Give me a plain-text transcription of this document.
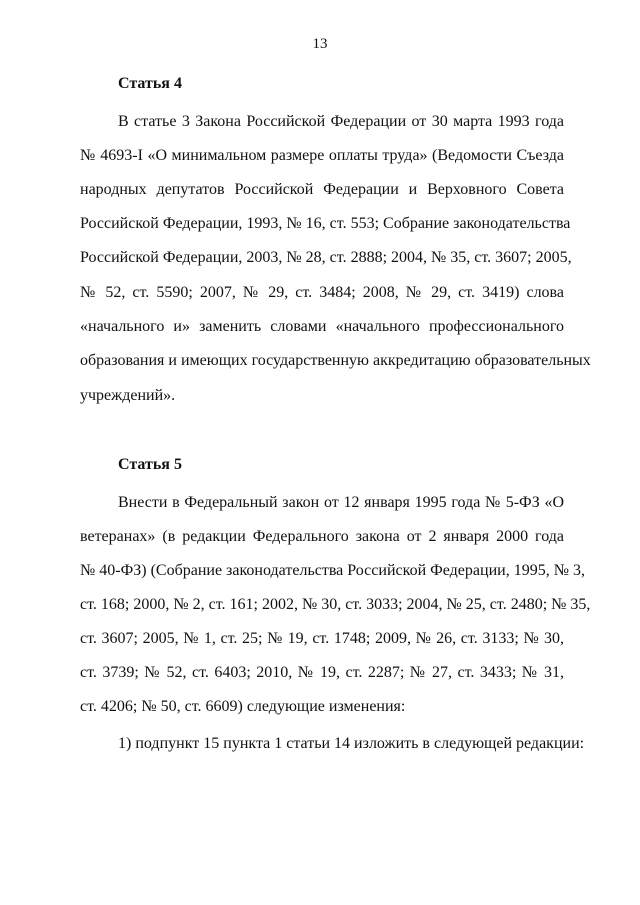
13
Статья 4
В статье 3 Закона Российской Федерации от 30 марта 1993 года
№ 4693-I «О минимальном размере оплаты труда» (Ведомости Съезда
народных депутатов Российской Федерации и Верховного Совета
Российской Федерации, 1993, № 16, ст. 553; Собрание законодательства
Российской Федерации, 2003, № 28, ст. 2888; 2004, № 35, ст. 3607; 2005,
№ 52, ст. 5590; 2007, № 29, ст. 3484; 2008, № 29, ст. 3419) слова
«начального и» заменить словами «начального профессионального
образования и имеющих государственную аккредитацию образовательных
учреждений».
Статья 5
Внести в Федеральный закон от 12 января 1995 года № 5-ФЗ «О
ветеранах» (в редакции Федерального закона от 2 января 2000 года
№ 40-ФЗ) (Собрание законодательства Российской Федерации, 1995, № 3,
ст. 168; 2000, № 2, ст. 161; 2002, № 30, ст. 3033; 2004, № 25, ст. 2480; № 35,
ст. 3607; 2005, № 1, ст. 25; № 19, ст. 1748; 2009, № 26, ст. 3133; № 30,
ст. 3739; № 52, ст. 6403; 2010, № 19, ст. 2287; № 27, ст. 3433; № 31,
ст. 4206; № 50, ст. 6609) следующие изменения:
1) подпункт 15 пункта 1 статьи 14 изложить в следующей редакции:
